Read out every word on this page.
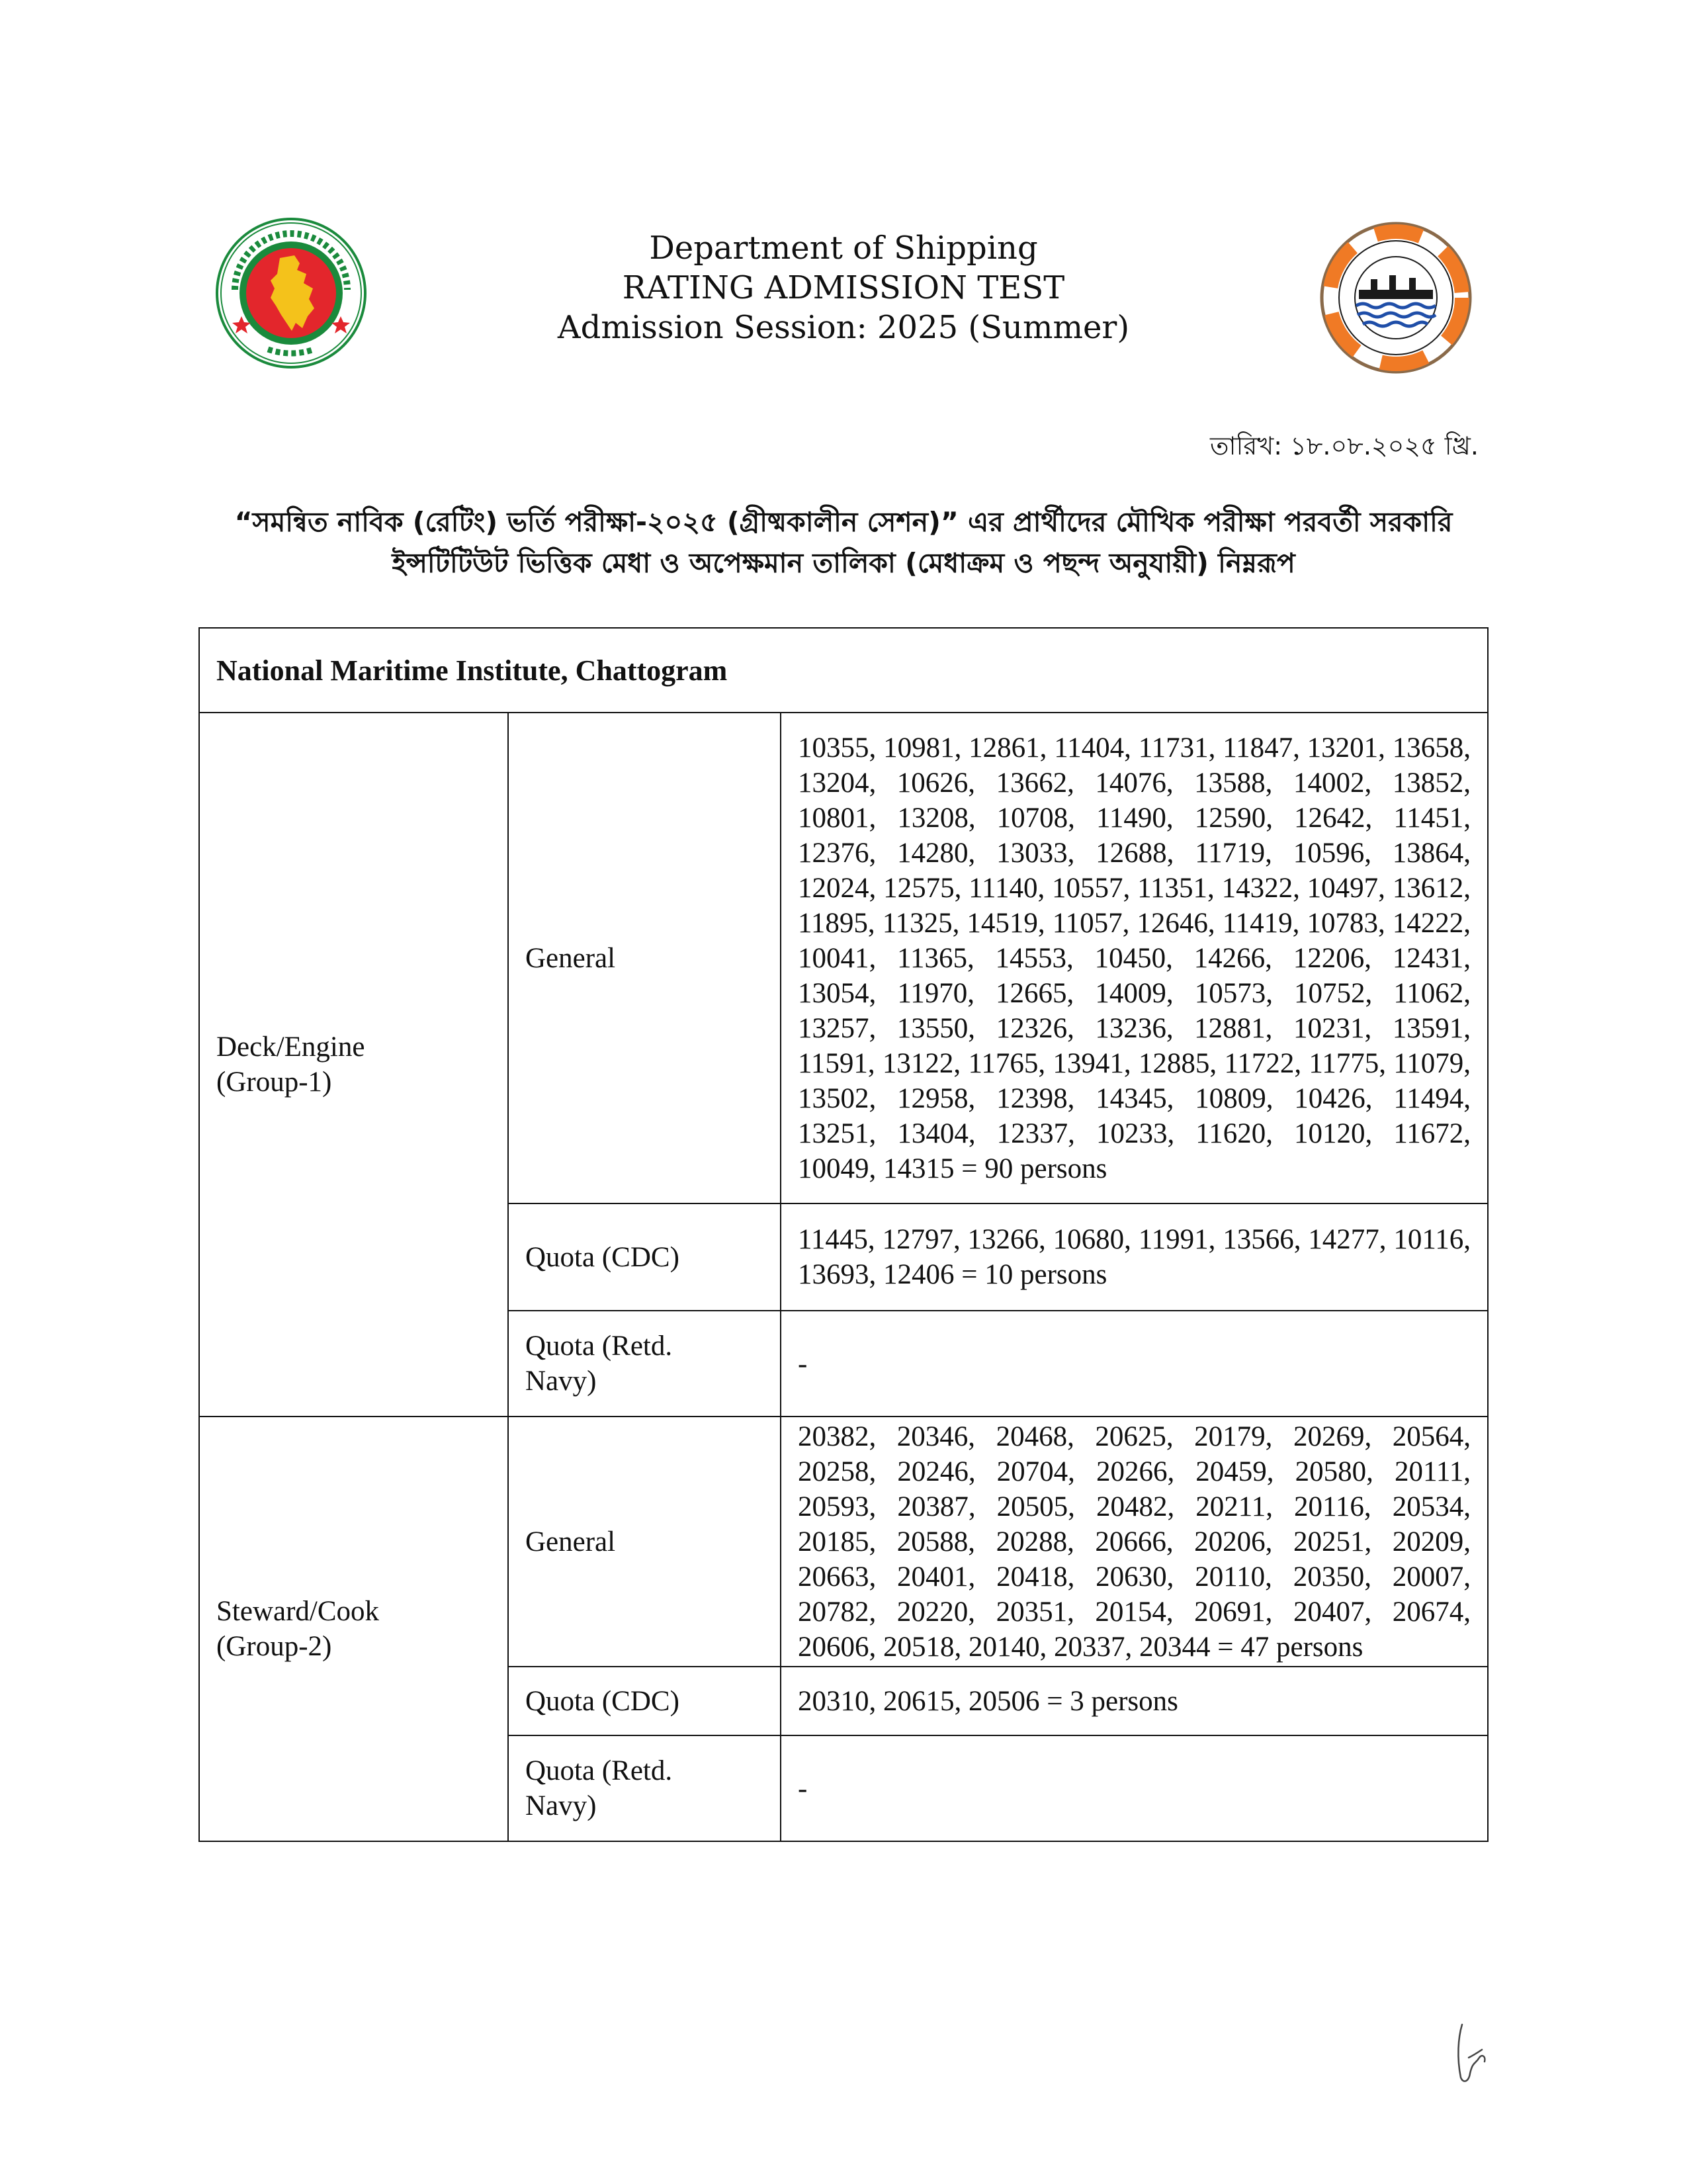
Department of Shipping
RATING ADMISSION TEST
Admission Session: 2025 (Summer)
তারিখ: ১৮.০৮.২০২৫ খ্রি.
“সমন্বিত নাবিক (রেটিং) ভর্তি পরীক্ষা-২০২৫ (গ্রীষ্মকালীন সেশন)” এর প্রার্থীদের মৌখিক পরীক্ষা পরবর্তী সরকারি
ইন্সটিটিউট ভিত্তিক মেধা ও অপেক্ষমান তালিকা (মেধাক্রম ও পছন্দ অনুযায়ী) নিম্নরূপ
National Maritime Institute, Chattogram		

Deck/Engine
(Group-1)	General	10355, 10981, 12861, 11404, 11731, 11847, 13201, 13658, 13204, 10626, 13662, 14076, 13588, 14002, 13852, 10801, 13208, 10708, 11490, 12590, 12642, 11451, 12376, 14280, 13033, 12688, 11719, 10596, 13864, 12024, 12575, 11140, 10557, 11351, 14322, 10497, 13612, 11895, 11325, 14519, 11057, 12646, 11419, 10783, 14222, 10041, 11365, 14553, 10450, 14266, 12206, 12431, 13054, 11970, 12665, 14009, 10573, 10752, 11062, 13257, 13550, 12326, 13236, 12881, 10231, 13591, 11591, 13122, 11765, 13941, 12885, 11722, 11775, 11079, 13502, 12958, 12398, 14345, 10809, 10426, 11494, 13251, 13404, 12337, 10233, 11620, 10120, 11672, 10049, 14315 = 90 persons
	Quota (CDC)	11445, 12797, 13266, 10680, 11991, 13566, 14277, 10116, 13693, 12406 = 10 persons

	Quota (Retd.
Navy)	-

Steward/Cook
(Group-2)	General	20382, 20346, 20468, 20625, 20179, 20269, 20564, 20258, 20246, 20704, 20266, 20459, 20580, 20111, 20593, 20387, 20505, 20482, 20211, 20116, 20534, 20185, 20588, 20288, 20666, 20206, 20251, 20209, 20663, 20401, 20418, 20630, 20110, 20350, 20007, 20782, 20220, 20351, 20154, 20691, 20407, 20674, 20606, 20518, 20140, 20337, 20344 = 47 persons
	Quota (CDC)	20310, 20615, 20506 = 3 persons

	Quota (Retd.
Navy)	-
